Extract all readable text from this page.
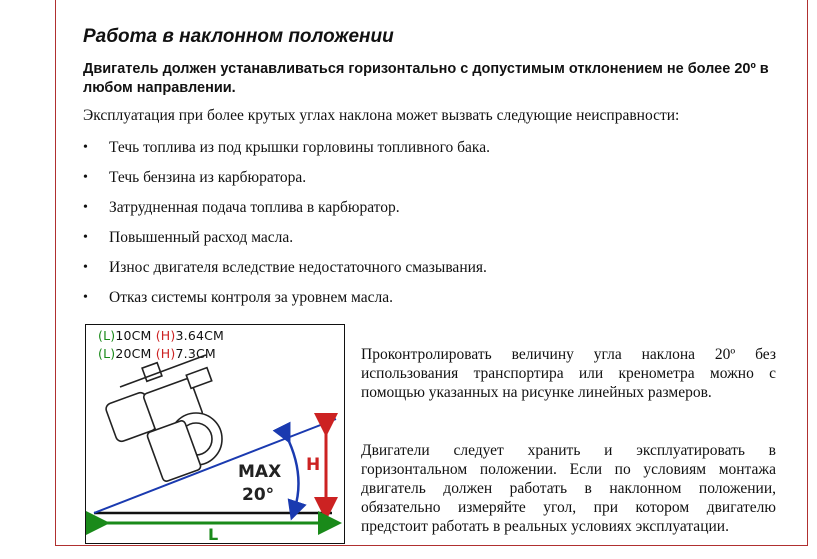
Работа в наклонном положении
Двигатель должен устанавливаться горизонтально с допустимым отклонением не более 20º в любом направлении.
Эксплуатация при более крутых углах наклона может вызвать следующие неисправности:
• Течь топлива из под крышки горловины топливного бака.
• Течь бензина из карбюратора.
• Затрудненная подача топлива в карбюратор.
• Повышенный расход масла.
• Износ двигателя вследствие недостаточного смазывания.
• Отказ системы контроля за уровнем масла.
(L)10CM (H)3.64CM
(L)20CM (H)7.3CM
MAX
20°
H
L
Проконтролировать величину угла наклона 20º без использования транспортира или кренометра можно с помощью указанных на рисунке линейных размеров.
Двигатели следует хранить и эксплуатировать в горизонтальном положении. Если по условиям монтажа двигатель должен работать в наклонном положении, обязательно измеряйте угол, при котором двигателю предстоит работать в реальных условиях эксплуатации.
